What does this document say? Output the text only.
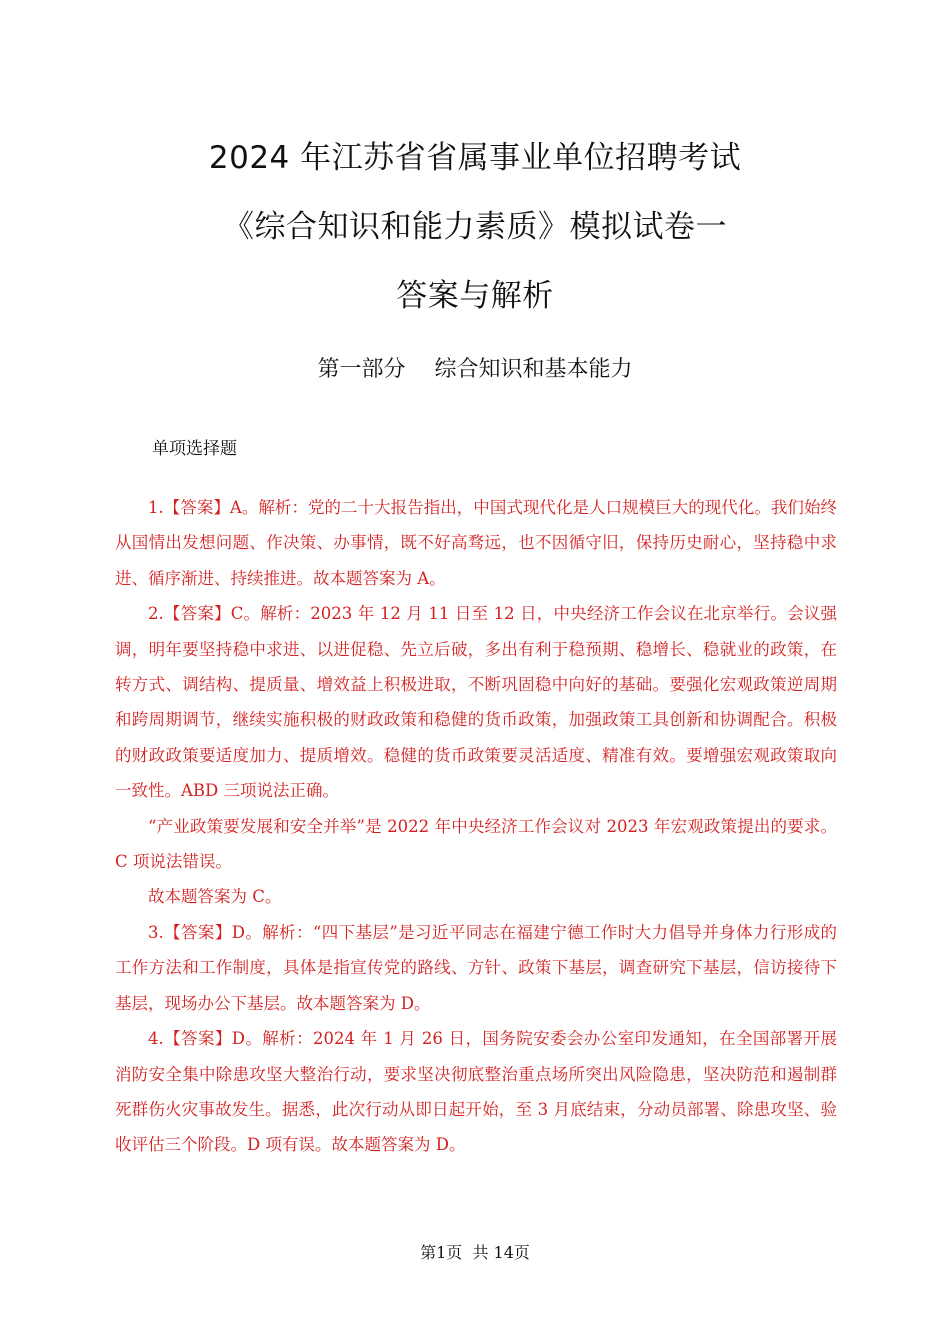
2024 年江苏省省属事业单位招聘考试
《综合知识和能力素质》模拟试卷一
答案与解析
第一部分　 综合知识和基本能力
单项选择题

1.【答案】A。解析：党的二十大报告指出，中国式现代化是人口规模巨大的现代化。我们始终从国情出发想问题、作决策、办事情，既不好高骛远，也不因循守旧，保持历史耐心，坚持稳中求进、循序渐进、持续推进。故本题答案为 A。

2.【答案】C。解析：2023 年 12 月 11 日至 12 日，中央经济工作会议在北京举行。会议强调，明年要坚持稳中求进、以进促稳、先立后破，多出有利于稳预期、稳增长、稳就业的政策，在转方式、调结构、提质量、增效益上积极进取，不断巩固稳中向好的基础。要强化宏观政策逆周期和跨周期调节，继续实施积极的财政政策和稳健的货币政策，加强政策工具创新和协调配合。积极的财政政策要适度加力、提质增效。稳健的货币政策要灵活适度、精准有效。要增强宏观政策取向一致性。ABD 三项说法正确。

“产业政策要发展和安全并举”是 2022 年中央经济工作会议对 2023 年宏观政策提出的要求。C 项说法错误。

故本题答案为 C。

3.【答案】D。解析：“四下基层”是习近平同志在福建宁德工作时大力倡导并身体力行形成的工作方法和工作制度，具体是指宣传党的路线、方针、政策下基层，调查研究下基层，信访接待下基层，现场办公下基层。故本题答案为 D。

4.【答案】D。解析：2024 年 1 月 26 日，国务院安委会办公室印发通知，在全国部署开展消防安全集中除患攻坚大整治行动，要求坚决彻底整治重点场所突出风险隐患，坚决防范和遏制群死群伤火灾事故发生。据悉，此次行动从即日起开始，至 3 月底结束，分动员部署、除患攻坚、验收评估三个阶段。D 项有误。故本题答案为 D。

第1页  共 14页
